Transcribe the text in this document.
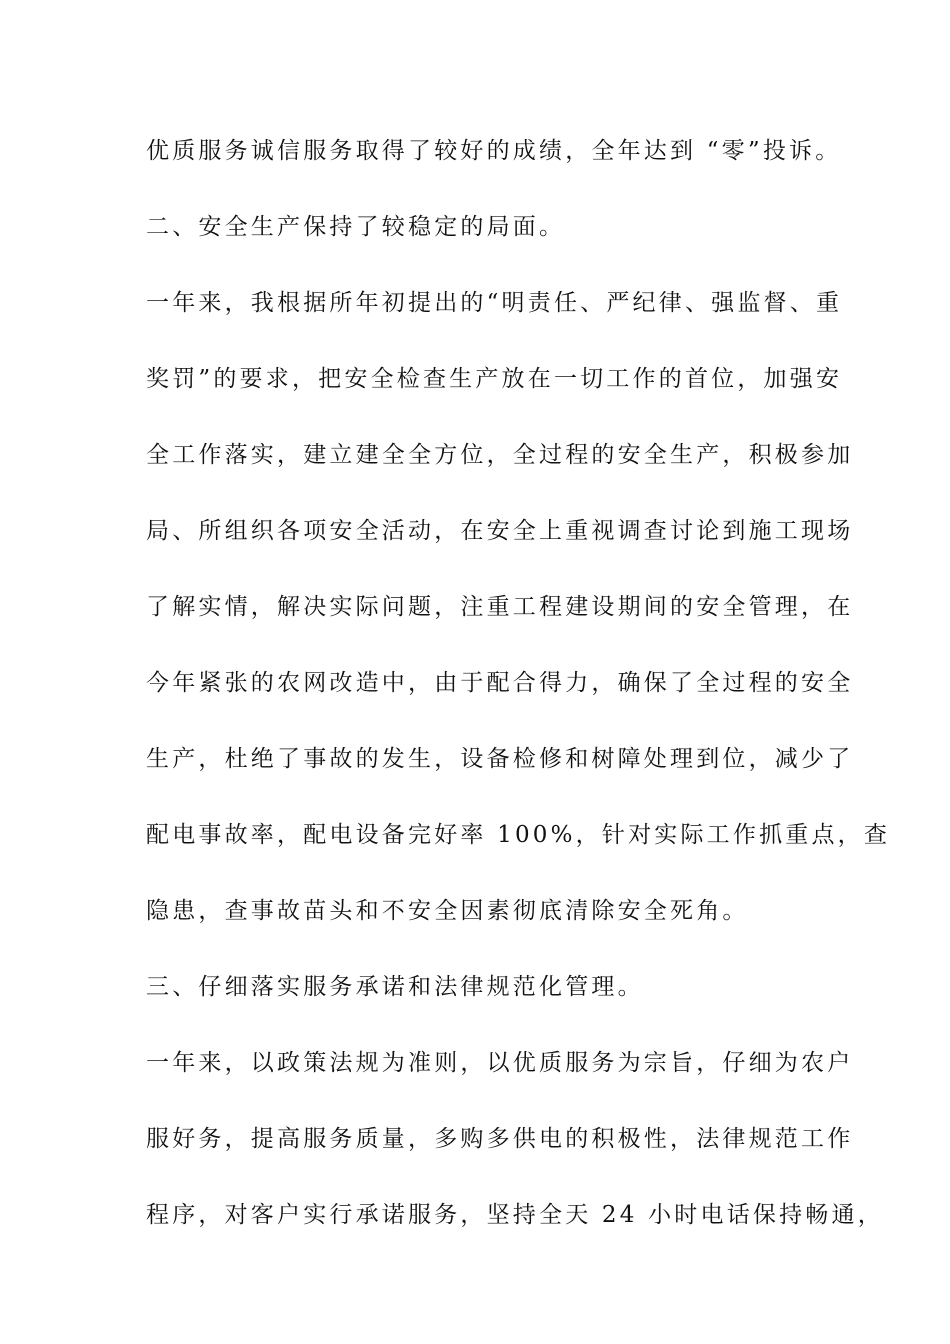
优质服务诚信服务取得了较好的成绩，全年达到 “零”投诉。
二、安全生产保持了较稳定的局面。
一年来，我根据所年初提出的“明责任、严纪律、强监督、重
奖罚”的要求，把安全检查生产放在一切工作的首位，加强安
全工作落实，建立建全全方位，全过程的安全生产，积极参加
局、所组织各项安全活动，在安全上重视调查讨论到施工现场
了解实情，解决实际问题，注重工程建设期间的安全管理，在
今年紧张的农网改造中，由于配合得力，确保了全过程的安全
生产，杜绝了事故的发生，设备检修和树障处理到位，减少了
配电事故率，配电设备完好率 100%，针对实际工作抓重点，查
隐患，查事故苗头和不安全因素彻底清除安全死角。
三、仔细落实服务承诺和法律规范化管理。
一年来，以政策法规为准则，以优质服务为宗旨，仔细为农户
服好务，提高服务质量，多购多供电的积极性，法律规范工作
程序，对客户实行承诺服务，坚持全天 24 小时电话保持畅通，
